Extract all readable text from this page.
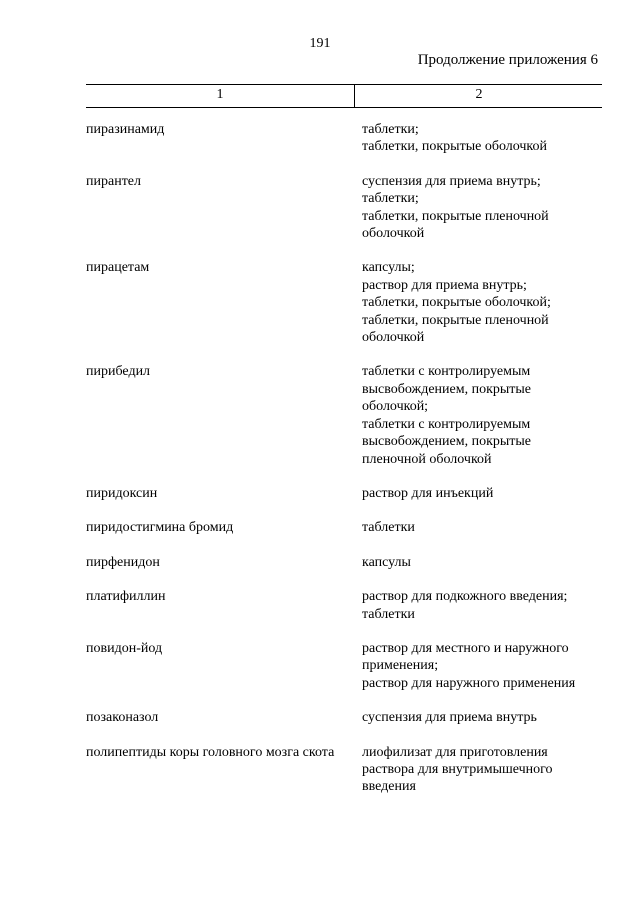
191
Продолжение приложения 6
1	2
пиразинамид	таблетки;
таблетки, покрытые оболочкой
пирантел	суспензия для приема внутрь;
таблетки;
таблетки, покрытые пленочной
оболочкой
пирацетам	капсулы;
раствор для приема внутрь;
таблетки, покрытые оболочкой;
таблетки, покрытые пленочной
оболочкой
пирибедил	таблетки с контролируемым
высвобождением, покрытые
оболочкой;
таблетки с контролируемым
высвобождением, покрытые
пленочной оболочкой
пиридоксин	раствор для инъекций
пиридостигмина бромид	таблетки
пирфенидон	капсулы
платифиллин	раствор для подкожного введения;
таблетки
повидон-йод	раствор для местного и наружного
применения;
раствор для наружного применения
позаконазол	суспензия для приема внутрь
полипептиды коры головного мозга скота	лиофилизат для приготовления
раствора для внутримышечного
введения
